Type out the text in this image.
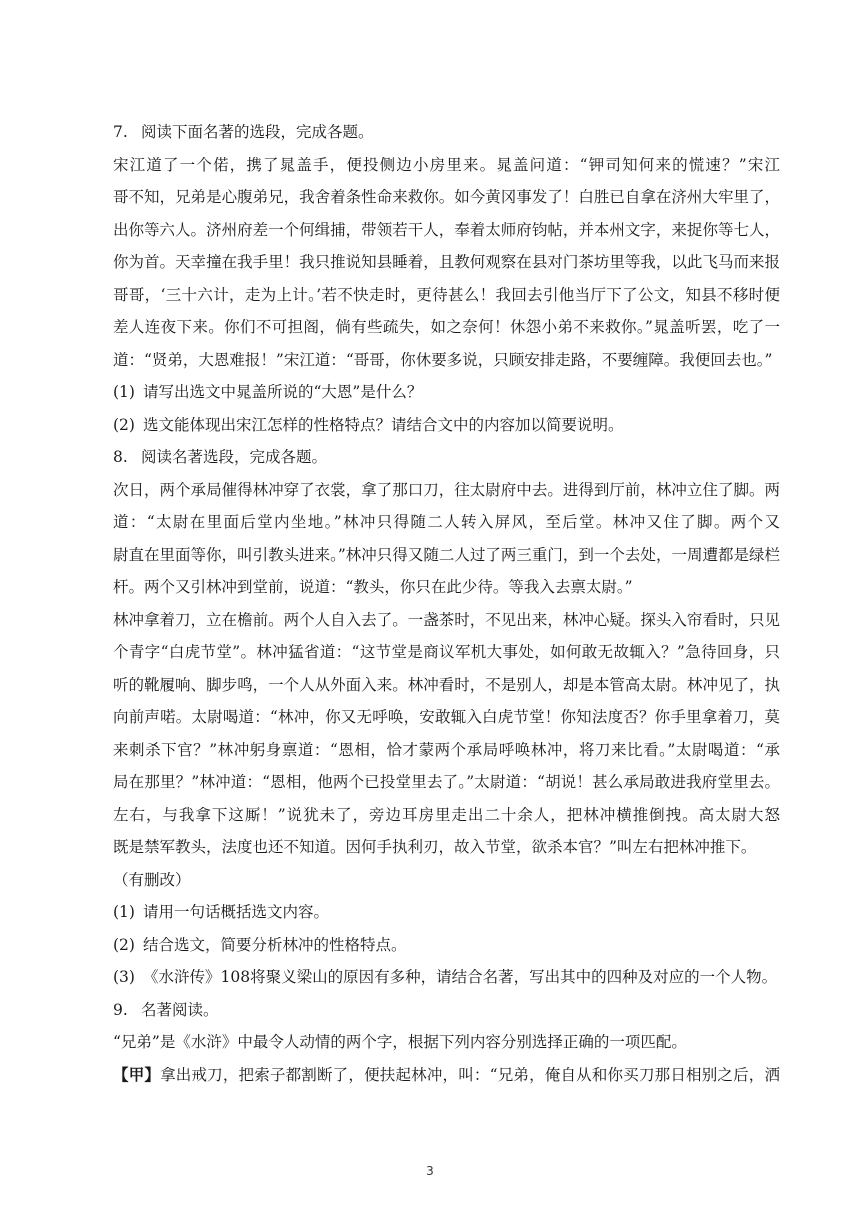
7. 阅读下面名著的选段，完成各题。
宋江道了一个偌，携了晁盖手，便投侧边小房里来。晁盖问道：“钾司知何来的慌速？”宋江
哥不知，兄弟是心腹弟兄，我舍着条性命来救你。如今黄冈事发了！白胜已自拿在济州大牢里了，
出你等六人。济州府差一个何缉捕，带领若干人，奉着太师府钧帖，并本州文字，来捉你等七人，
你为首。天幸撞在我手里！我只推说知县睡着，且教何观察在县对门茶坊里等我，以此飞马而来报
哥哥，‘三十六计，走为上计。’若不快走时，更待甚么！我回去引他当厅下了公文，知县不移时便
差人连夜下来。你们不可担阁，倘有些疏失，如之奈何！休怨小弟不来救你。”晁盖听罢，吃了一
道：“贤弟，大恩难报！”宋江道：“哥哥，你休要多说，只顾安排走路，不要缠障。我便回去也。”
(1) 请写出选文中晁盖所说的“大恩”是什么？
(2) 选文能体现出宋江怎样的性格特点？请结合文中的内容加以简要说明。
8. 阅读名著选段，完成各题。
次日，两个承局催得林冲穿了衣裳，拿了那口刀，往太尉府中去。进得到厅前，林冲立住了脚。两
道：“太尉在里面后堂内坐地。”林冲只得随二人转入屏风，至后堂。林冲又住了脚。两个又
尉直在里面等你，叫引教头进来。”林冲只得又随二人过了两三重门，到一个去处，一周遭都是绿栏
杆。两个又引林冲到堂前，说道：“教头，你只在此少待。等我入去禀太尉。”
林冲拿着刀，立在檐前。两个人自入去了。一盏茶时，不见出来，林冲心疑。探头入帘看时，只见
个青字“白虎节堂”。林冲猛省道：“这节堂是商议军机大事处，如何敢无故辄入？”急待回身，只
听的靴履响、脚步鸣，一个人从外面入来。林冲看时，不是别人，却是本管高太尉。林冲见了，执
向前声喏。太尉喝道：“林冲，你又无呼唤，安敢辄入白虎节堂！你知法度否？你手里拿着刀，莫
来刺杀下官？”林冲躬身禀道：“恩相，恰才蒙两个承局呼唤林冲，将刀来比看。”太尉喝道：“承
局在那里？”林冲道：“恩相，他两个已投堂里去了。”太尉道：“胡说！甚么承局敢进我府堂里去。
左右，与我拿下这厮！”说犹未了，旁边耳房里走出二十余人，把林冲横推倒拽。高太尉大怒
既是禁军教头，法度也还不知道。因何手执利刃，故入节堂，欲杀本官？”叫左右把林冲推下。
（有删改）
(1) 请用一句话概括选文内容。
(2) 结合选文，简要分析林冲的性格特点。
(3) 《水浒传》108将聚义梁山的原因有多种，请结合名著，写出其中的四种及对应的一个人物。
9. 名著阅读。
“兄弟”是《水浒》中最令人动情的两个字，根据下列内容分别选择正确的一项匹配。
【甲】拿出戒刀，把索子都割断了，便扶起林冲，叫：“兄弟，俺自从和你买刀那日相别之后，洒
3
